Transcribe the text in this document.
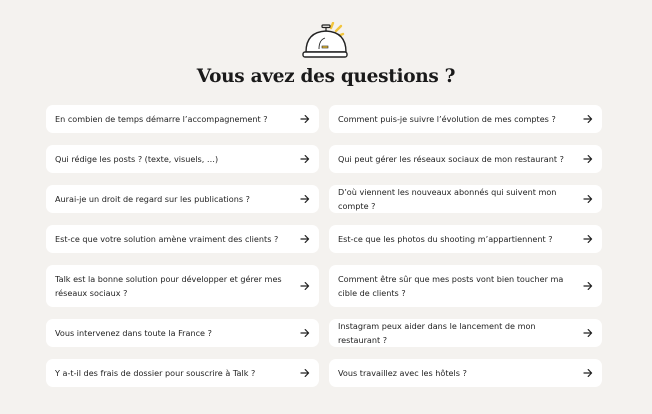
Vous avez des questions ?
En combien de temps démarre l’accompagnement ?	Comment puis-je suivre l’évolution de mes comptes ?
Qui rédige les posts ? (texte, visuels, …)	Qui peut gérer les réseaux sociaux de mon restaurant ?
Aurai-je un droit de regard sur les publications ?
D’où viennent les nouveaux abonnés qui suivent mon compte ?
Est-ce que votre solution amène vraiment des clients ?	Est-ce que les photos du shooting m’appartiennent ?
Talk est la bonne solution pour développer et gérer mes réseaux sociaux ?
Comment être sûr que mes posts vont bien toucher ma cible de clients ?
Vous intervenez dans toute la France ?
Instagram peux aider dans le lancement de mon restaurant ?
Y a-t-il des frais de dossier pour souscrire à Talk ?	Vous travaillez avec les hôtels ?
